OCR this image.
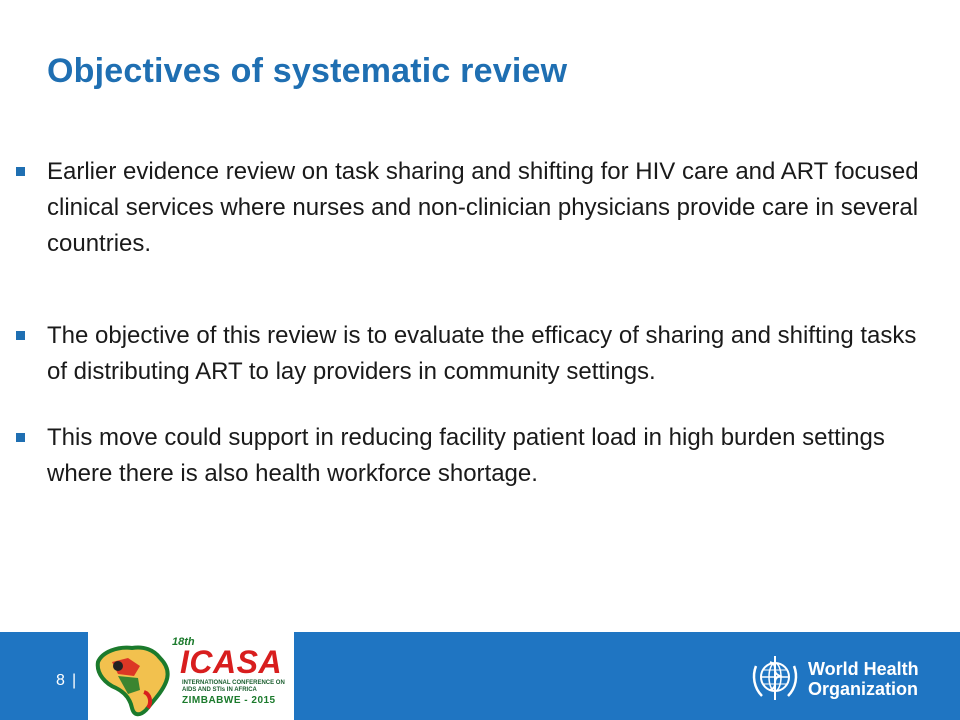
Objectives of systematic review
Earlier evidence review on task sharing and shifting for HIV care and ART focused clinical services where nurses and non-clinician physicians provide care in several countries.
The objective of this review is to evaluate the efficacy of sharing and shifting tasks of distributing ART to lay providers in community settings.
This move could support in reducing facility patient load in high burden settings where there is also health workforce shortage.
8 |
18th
ICASA
INTERNATIONAL CONFERENCE ON AIDS AND STIs IN AFRICA
ZIMBABWE - 2015
World Health
Organization
